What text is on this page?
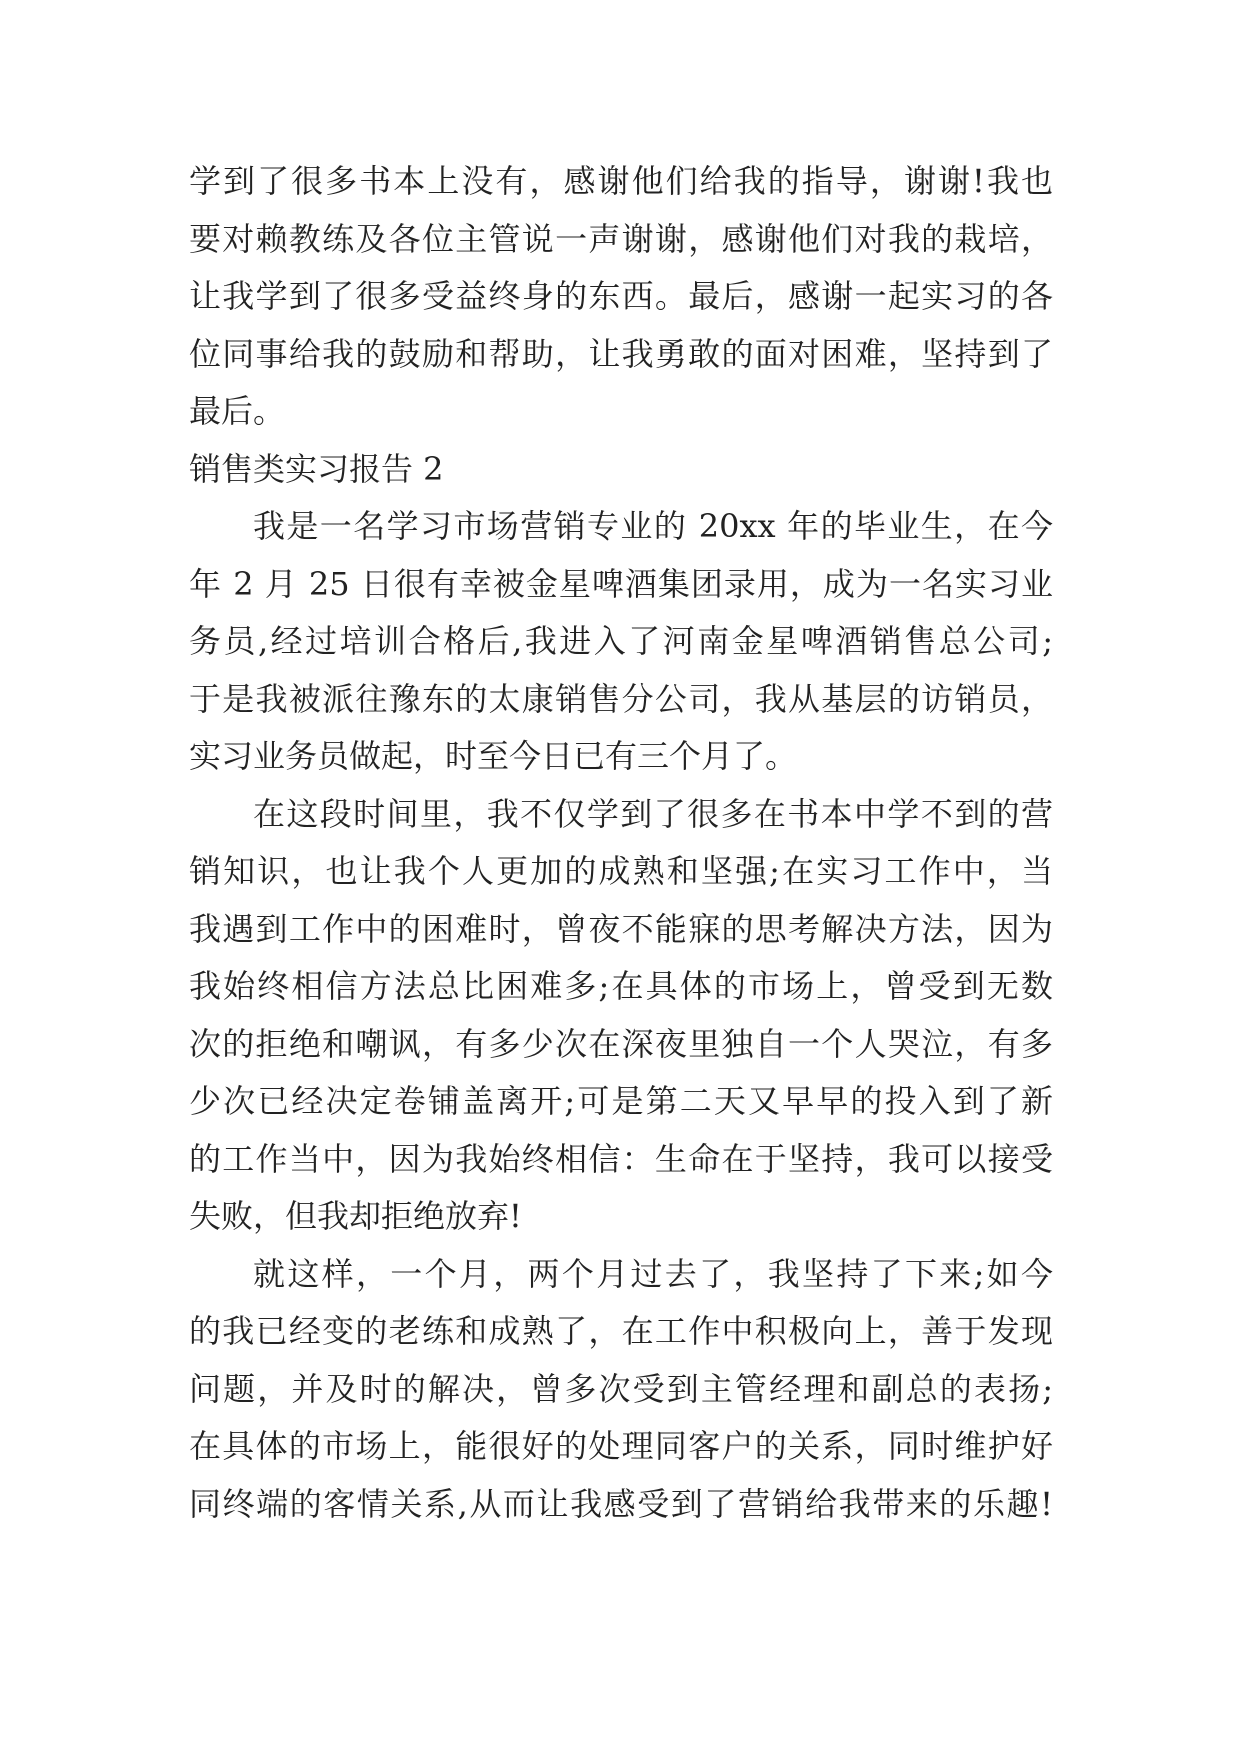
学到了很多书本上没有，感谢他们给我的指导，谢谢!我也
要对赖教练及各位主管说一声谢谢，感谢他们对我的栽培，
让我学到了很多受益终身的东西。最后，感谢一起实习的各
位同事给我的鼓励和帮助，让我勇敢的面对困难，坚持到了
最后。
销售类实习报告 2
我是一名学习市场营销专业的 20xx 年的毕业生，在今
年 2 月 25 日很有幸被金星啤酒集团录用，成为一名实习业
务员,经过培训合格后,我进入了河南金星啤酒销售总公司;
于是我被派往豫东的太康销售分公司，我从基层的访销员，
实习业务员做起，时至今日已有三个月了。
在这段时间里，我不仅学到了很多在书本中学不到的营
销知识，也让我个人更加的成熟和坚强;在实习工作中，当
我遇到工作中的困难时，曾夜不能寐的思考解决方法，因为
我始终相信方法总比困难多;在具体的市场上，曾受到无数
次的拒绝和嘲讽，有多少次在深夜里独自一个人哭泣，有多
少次已经决定卷铺盖离开;可是第二天又早早的投入到了新
的工作当中，因为我始终相信：生命在于坚持，我可以接受
失败，但我却拒绝放弃!
就这样，一个月，两个月过去了，我坚持了下来;如今
的我已经变的老练和成熟了，在工作中积极向上，善于发现
问题，并及时的解决，曾多次受到主管经理和副总的表扬;
在具体的市场上，能很好的处理同客户的关系，同时维护好
同终端的客情关系,从而让我感受到了营销给我带来的乐趣!
